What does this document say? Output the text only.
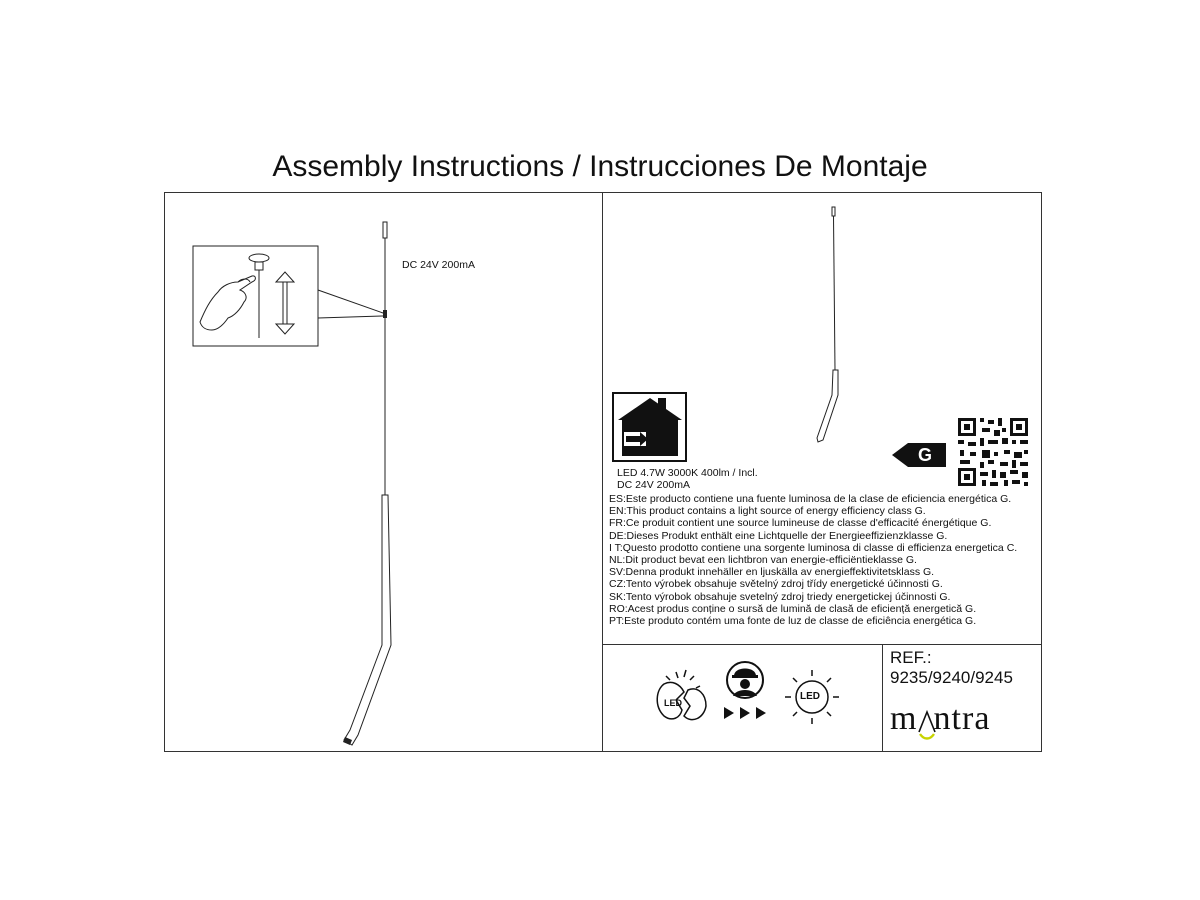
Assembly Instructions / Instrucciones De Montaje
DC 24V 200mA
G
LED 4.7W 3000K 400lm / Incl.
DC 24V 200mA
ES:Este producto contiene una fuente luminosa de la clase de eficiencia energética G.
EN:This product contains a light source of energy efficiency class G.
FR:Ce produit contient une source lumineuse de classe d'efficacité énergétique G.
DE:Dieses Produkt enthält eine Lichtquelle der Energieeffizienzklasse G.
I T:Questo prodotto contiene una sorgente luminosa di classe di efficienza energetica C.
NL:Dit product bevat een lichtbron van energie-efficiëntieklasse G.
SV:Denna produkt innehäller en ljuskälla av energieffektivitetsklass G.
CZ:Tento výrobek obsahuje světelný zdroj třídy energetické účinnosti G.
SK:Tento výrobok obsahuje svetelný zdroj triedy energetickej účinnosti G.
RO:Acest produs conține o sursă de lumină de clasă de eficiență energetică G.
PT:Este produto contém uma fonte de luz de classe de eficiência energética G.
LED
LED
REF.:
9235/9240/9245
ma
ntra
